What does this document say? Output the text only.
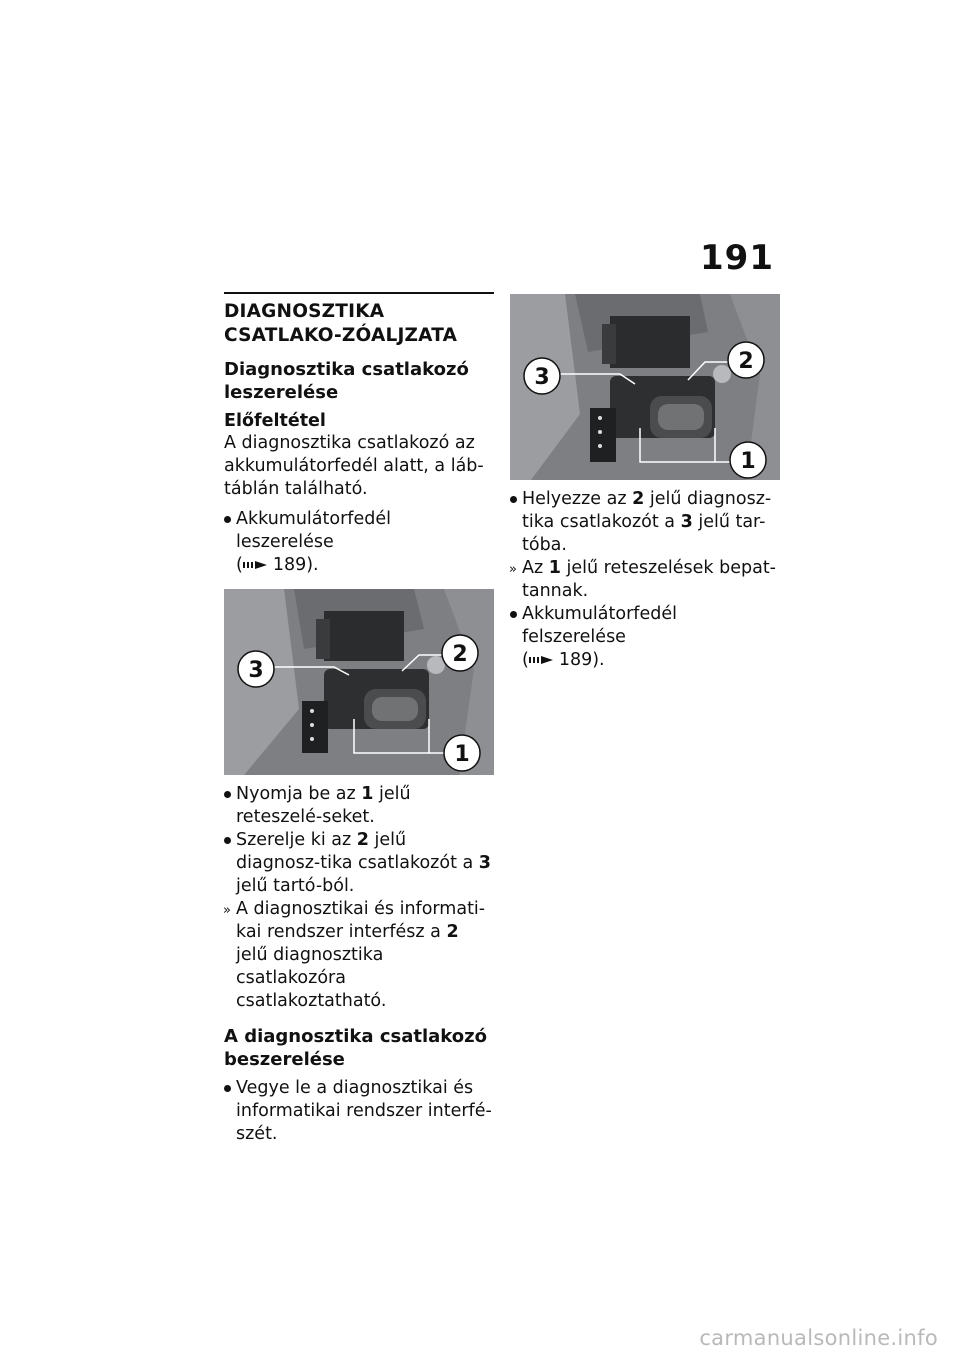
191
DIAGNOSZTIKA CSATLAKO-ZÓALJZATA
Diagnosztika csatlakozó leszerelése
Előfeltétel
A diagnosztika csatlakozó az akkumulátorfedél alatt, a láb-táblán található.
Akkumulátorfedél leszerelése
( 189).
3
2
1
Nyomja be az 1 jelű reteszelé-seket.
Szerelje ki az 2 jelű diagnosz-tika csatlakozót a 3 jelű tartó-ból.
» A diagnosztikai és informati-kai rendszer interfész a 2 jelű diagnosztika csatlakozóra csatlakoztatható.
A diagnosztika csatlakozó beszerelése
Vegye le a diagnosztikai és informatikai rendszer interfé-szét.
3
2
1
Helyezze az 2 jelű diagnosz-tika csatlakozót a 3 jelű tar-tóba.
» Az 1 jelű reteszelések bepat-tannak.
Akkumulátorfedél felszerelése
( 189).
carmanualsonline.info
